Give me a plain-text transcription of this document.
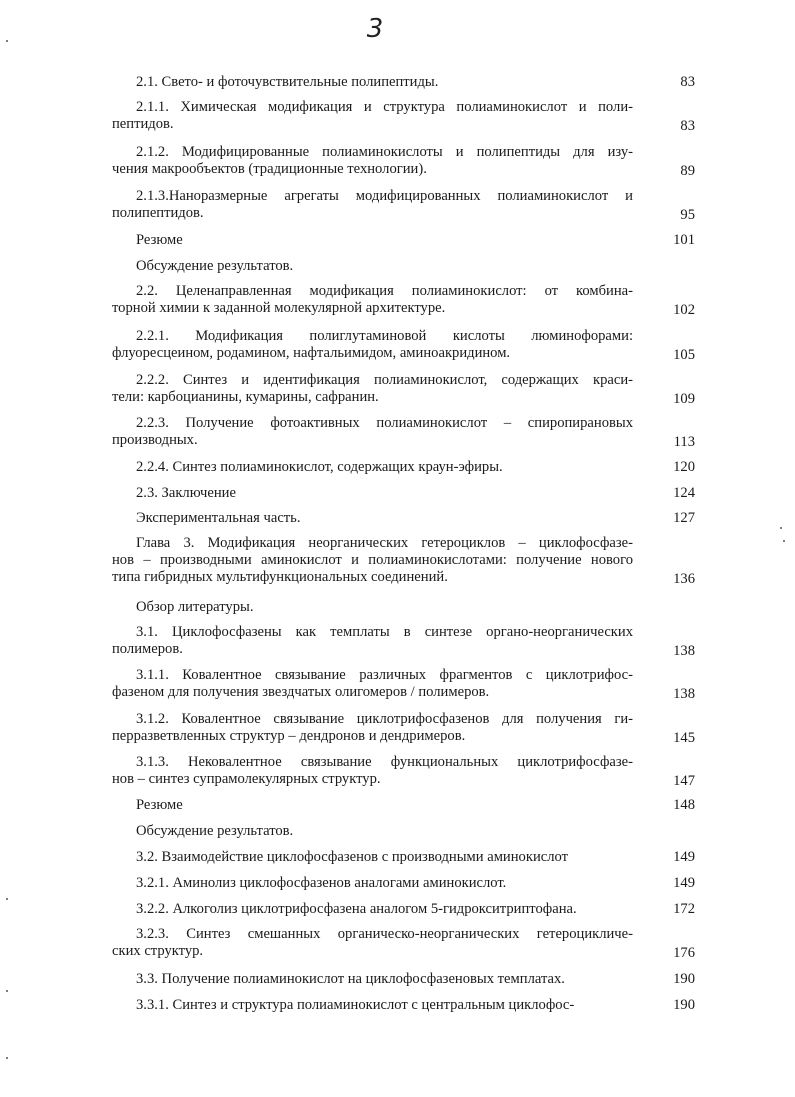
3
2.1. Свето- и фоточувствительные полипептиды.	83
2.1.1. Химическая модификация и структура полиаминокислот и поли-
пептидов.	83
2.1.2. Модифицированные полиаминокислоты и полипептиды для изу-
чения макрообъектов (традиционные технологии).	89
2.1.3.Наноразмерные агрегаты модифицированных полиаминокислот и
полипептидов.	95
Резюме	101
Обсуждение результатов.
2.2. Целенаправленная модификация полиаминокислот: от комбина-
торной химии к заданной молекулярной архитектуре.	102
2.2.1. Модификация полиглутаминовой кислоты люминофорами:
флуоресцеином, родамином, нафтальимидом, аминоакридином.	105
2.2.2. Синтез и идентификация полиаминокислот, содержащих краси-
тели: карбоцианины, кумарины, сафранин.	109
2.2.3. Получение фотоактивных полиаминокислот – спиропирановых
производных.	113
2.2.4. Синтез полиаминокислот, содержащих краун-эфиры.	120
2.3. Заключение	124
Экспериментальная часть.	127
Глава 3. Модификация неорганических гетероциклов – циклофосфазе-
нов – производными аминокислот и полиаминокислотами: получение нового
типа гибридных мультифункциональных соединений.	136
Обзор литературы.
3.1. Циклофосфазены как темплаты в синтезе органо-неорганических
полимеров.	138
3.1.1. Ковалентное связывание различных фрагментов с циклотрифос-
фазеном для получения звездчатых олигомеров / полимеров.	138
3.1.2. Ковалентное связывание циклотрифосфазенов для получения ги-
перразветвленных структур – дендронов и дендримеров.	145
3.1.3. Нековалентное связывание функциональных циклотрифосфазе-
нов – синтез супрамолекулярных структур.	147
Резюме	148
Обсуждение результатов.
3.2. Взаимодействие циклофосфазенов с производными аминокислот	149
3.2.1. Аминолиз циклофосфазенов аналогами аминокислот.	149
3.2.2. Алкоголиз циклотрифосфазена аналогом 5-гидрокситриптофана.	172
3.2.3. Синтез смешанных органическо-неорганических гетероцикличе-
ских структур.	176
3.3. Получение полиаминокислот на циклофосфазеновых темплатах.	190
3.3.1. Синтез и структура полиаминокислот с центральным циклофос-	190
